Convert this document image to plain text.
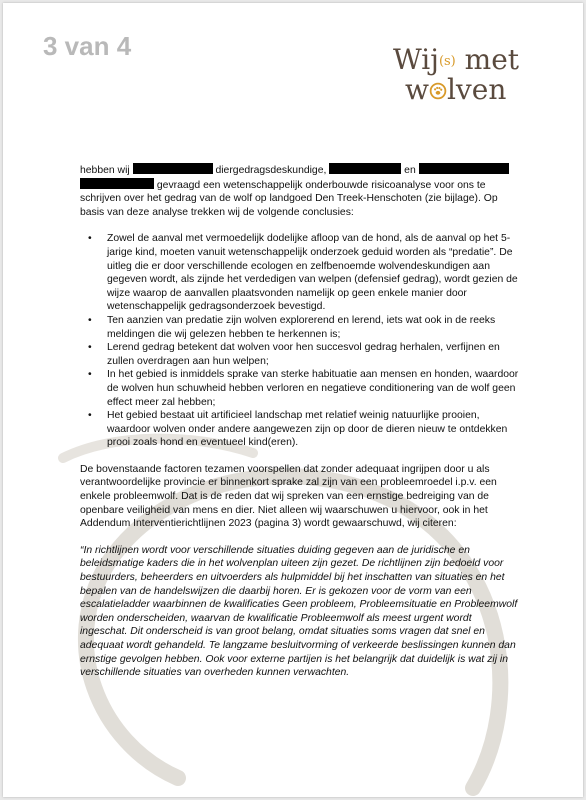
3 van 4	Wij(s) met
w lven

hebben wij	diergedragsdeskundige,	en   gevraagd een wetenschappelijk onderbouwde risicoanalyse voor ons te schrijven over het gedrag van de wolf op landgoed Den Treek-Henschoten (zie bijlage). Op basis van deze analyse trekken wij de volgende conclusies:

• Zowel de aanval met vermoedelijk dodelijke afloop van de hond, als de aanval op het 5-jarige kind, moeten vanuit wetenschappelijk onderzoek geduid worden als “predatie”. De uitleg die er door verschillende ecologen en zelfbenoemde wolvendeskundigen aan gegeven wordt, als zijnde het verdedigen van welpen (defensief gedrag), wordt gezien de wijze waarop de aanvallen plaatsvonden namelijk op geen enkele manier door wetenschappelijk gedragsonderzoek bevestigd.
• Ten aanzien van predatie zijn wolven explorerend en lerend, iets wat ook in de reeks meldingen die wij gelezen hebben te herkennen is;
• Lerend gedrag betekent dat wolven voor hen succesvol gedrag herhalen, verfijnen en zullen overdragen aan hun welpen;
• In het gebied is inmiddels sprake van sterke habituatie aan mensen en honden, waardoor de wolven hun schuwheid hebben verloren en negatieve conditionering van de wolf geen effect meer zal hebben;
• Het gebied bestaat uit artificieel landschap met relatief weinig natuurlijke prooien, waardoor wolven onder andere aangewezen zijn op door de dieren nieuw te ontdekken prooi zoals hond en eventueel kind(eren).

De bovenstaande factoren tezamen voorspellen dat zonder adequaat ingrijpen door u als verantwoordelijke provincie er binnenkort sprake zal zijn van een probleemroedel i.p.v. een enkele probleemwolf. Dat is de reden dat wij spreken van een ernstige bedreiging van de openbare veiligheid van mens en dier. Niet alleen wij waarschuwen u hiervoor, ook in het Addendum Interventierichtlijnen 2023 (pagina 3) wordt gewaarschuwd, wij citeren:

“In richtlijnen wordt voor verschillende situaties duiding gegeven aan de juridische en beleidsmatige kaders die in het wolvenplan uiteen zijn gezet. De richtlijnen zijn bedoeld voor bestuurders, beheerders en uitvoerders als hulpmiddel bij het inschatten van situaties en het bepalen van de handelswijzen die daarbij horen. Er is gekozen voor de vorm van een escalatieladder waarbinnen de kwalificaties Geen probleem, Probleemsituatie en Probleemwolf worden onderscheiden, waarvan de kwalificatie Probleemwolf als meest urgent wordt ingeschat. Dit onderscheid is van groot belang, omdat situaties soms vragen dat snel en adequaat wordt gehandeld. Te langzame besluitvorming of verkeerde beslissingen kunnen dan ernstige gevolgen hebben. Ook voor externe partijen is het belangrijk dat duidelijk is wat zij in verschillende situaties van overheden kunnen verwachten.
